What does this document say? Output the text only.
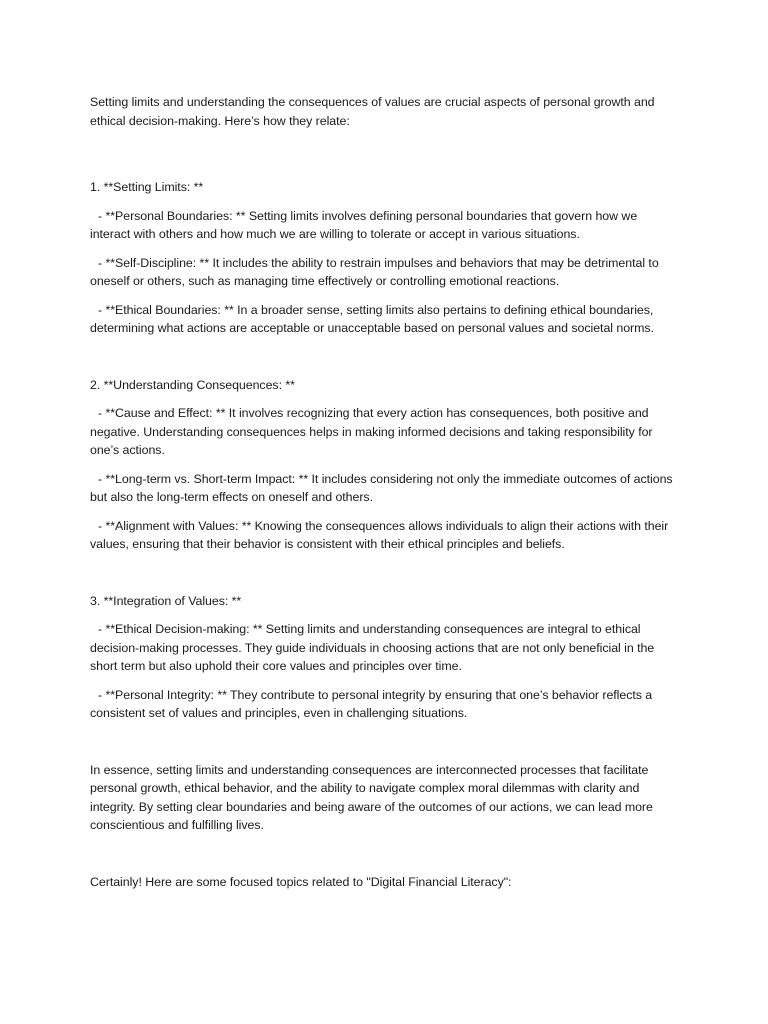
Setting limits and understanding the consequences of values are crucial aspects of personal growth and ethical decision-making. Here’s how they relate:

1. **Setting Limits: **

- **Personal Boundaries: ** Setting limits involves defining personal boundaries that govern how we interact with others and how much we are willing to tolerate or accept in various situations.

- **Self-Discipline: ** It includes the ability to restrain impulses and behaviors that may be detrimental to oneself or others, such as managing time effectively or controlling emotional reactions.

- **Ethical Boundaries: ** In a broader sense, setting limits also pertains to defining ethical boundaries, determining what actions are acceptable or unacceptable based on personal values and societal norms.

2. **Understanding Consequences: **

- **Cause and Effect: ** It involves recognizing that every action has consequences, both positive and negative. Understanding consequences helps in making informed decisions and taking responsibility for one’s actions.

- **Long-term vs. Short-term Impact: ** It includes considering not only the immediate outcomes of actions but also the long-term effects on oneself and others.

- **Alignment with Values: ** Knowing the consequences allows individuals to align their actions with their values, ensuring that their behavior is consistent with their ethical principles and beliefs.

3. **Integration of Values: **

- **Ethical Decision-making: ** Setting limits and understanding consequences are integral to ethical decision-making processes. They guide individuals in choosing actions that are not only beneficial in the short term but also uphold their core values and principles over time.

- **Personal Integrity: ** They contribute to personal integrity by ensuring that one’s behavior reflects a consistent set of values and principles, even in challenging situations.

In essence, setting limits and understanding consequences are interconnected processes that facilitate personal growth, ethical behavior, and the ability to navigate complex moral dilemmas with clarity and integrity. By setting clear boundaries and being aware of the outcomes of our actions, we can lead more conscientious and fulfilling lives.

Certainly! Here are some focused topics related to "Digital Financial Literacy":
